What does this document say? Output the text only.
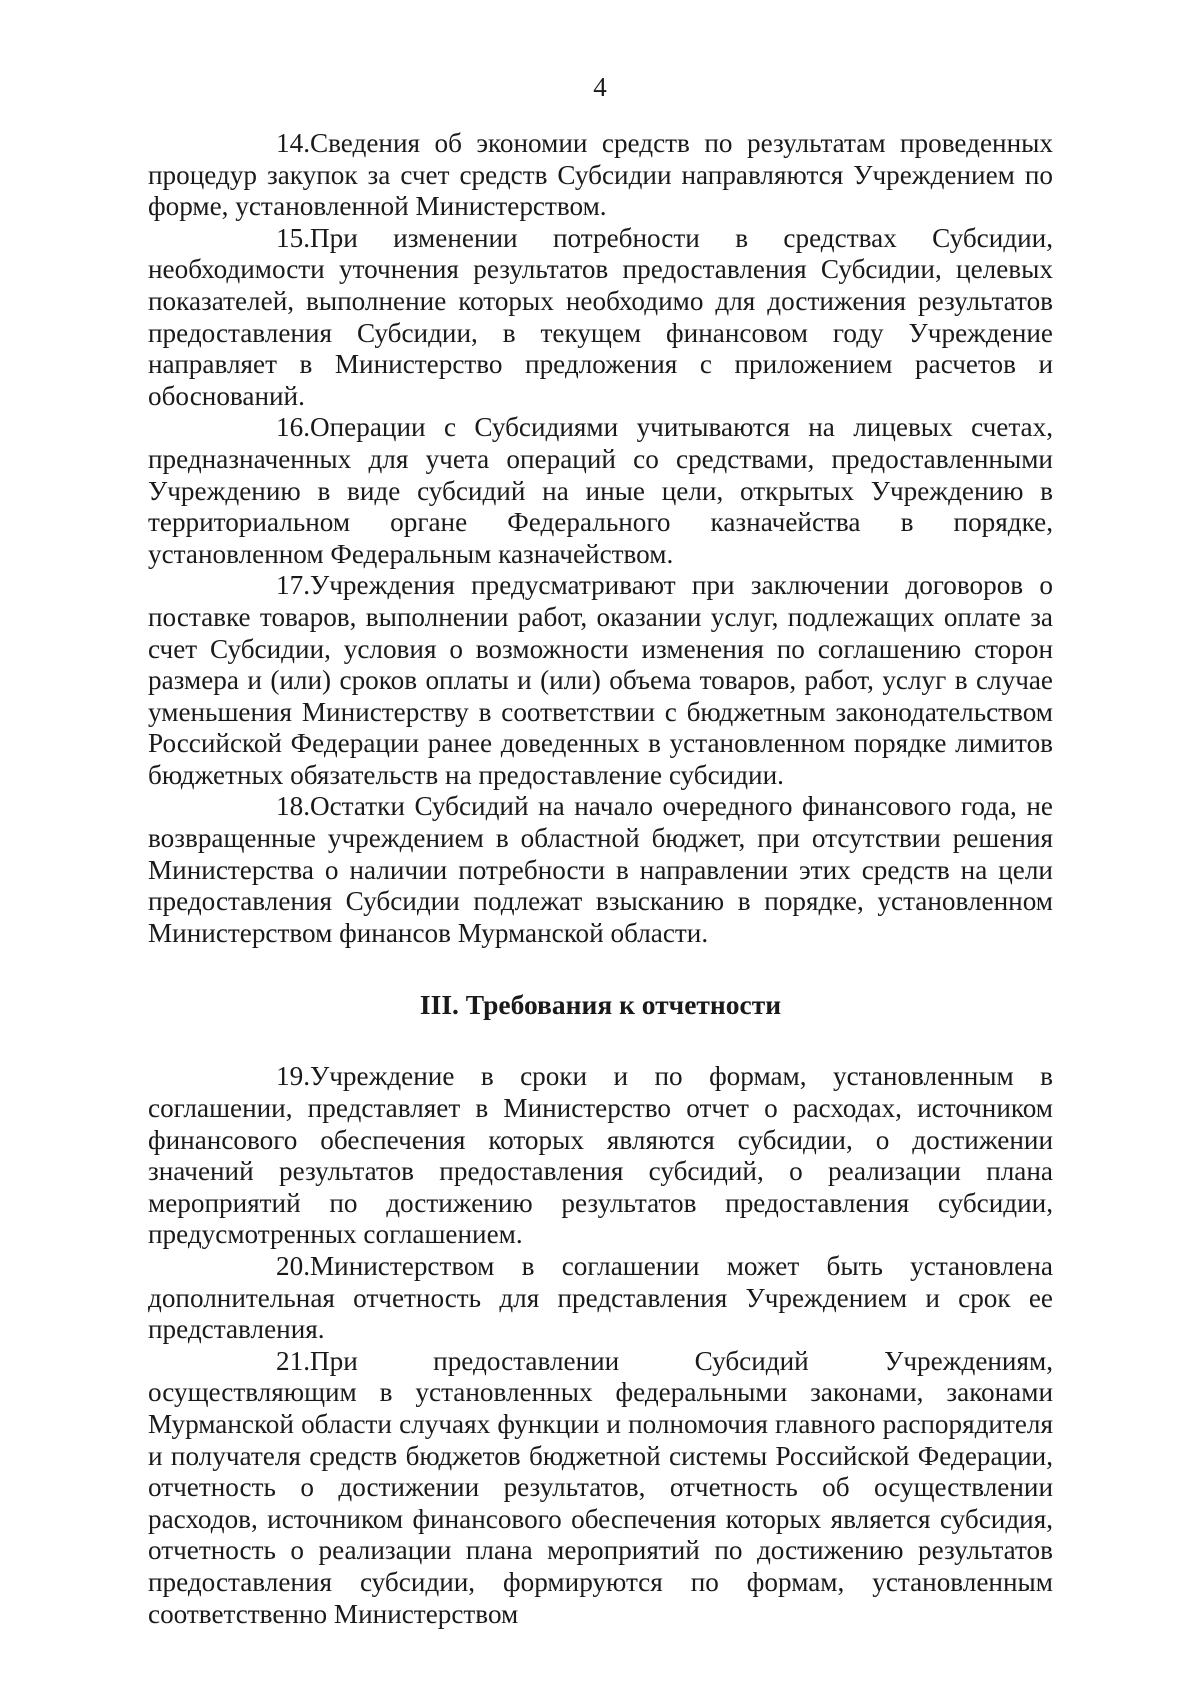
4

14.Сведения об экономии средств по результатам проведенных процедур закупок за счет средств Субсидии направляются Учреждением по форме, установленной Министерством.

15.При изменении потребности в средствах Субсидии, необходимости уточнения результатов предоставления Субсидии, целевых показателей, выполнение которых необходимо для достижения результатов предоставления Субсидии, в текущем финансовом году Учреждение направляет в Министерство предложения с приложением расчетов и обоснований.

16.Операции с Субсидиями учитываются на лицевых счетах, предназначенных для учета операций со средствами, предоставленными Учреждению в виде субсидий на иные цели, открытых Учреждению в территориальном органе Федерального казначейства в порядке, установленном Федеральным казначейством.

17.Учреждения предусматривают при заключении договоров о поставке товаров, выполнении работ, оказании услуг, подлежащих оплате за счет Субсидии, условия о возможности изменения по соглашению сторон размера и (или) сроков оплаты и (или) объема товаров, работ, услуг в случае уменьшения Министерству в соответствии с бюджетным законодательством Российской Федерации ранее доведенных в установленном порядке лимитов бюджетных обязательств на предоставление субсидии.

18.Остатки Субсидий на начало очередного финансового года, не возвращенные учреждением в областной бюджет, при отсутствии решения Министерства о наличии потребности в направлении этих средств на цели предоставления Субсидии подлежат взысканию в порядке, установленном Министерством финансов Мурманской области.

III. Требования к отчетности

19.Учреждение в сроки и по формам, установленным в соглашении, представляет в Министерство отчет о расходах, источником финансового обеспечения которых являются субсидии, о достижении значений результатов предоставления субсидий, о реализации плана мероприятий по достижению результатов предоставления субсидии, предусмотренных соглашением.

20.Министерством в соглашении может быть установлена дополнительная отчетность для представления Учреждением и срок ее представления.

21.При предоставлении Субсидий Учреждениям, осуществляющим в установленных федеральными законами, законами Мурманской области случаях функции и полномочия главного распорядителя и получателя средств бюджетов бюджетной системы Российской Федерации, отчетность о достижении результатов, отчетность об осуществлении расходов, источником финансового обеспечения которых является субсидия, отчетность о реализации плана мероприятий по достижению результатов предоставления субсидии, формируются по формам, установленным соответственно Министерством
